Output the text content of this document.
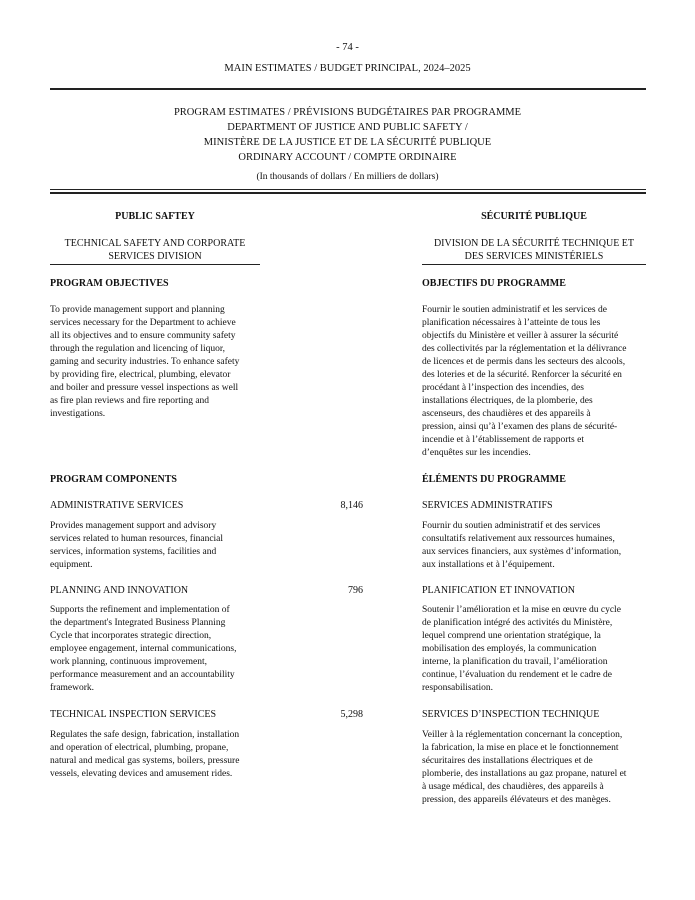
- 74 -
MAIN ESTIMATES / BUDGET PRINCIPAL, 2024–2025
PROGRAM ESTIMATES / PRÉVISIONS BUDGÉTAIRES PAR PROGRAMME
DEPARTMENT OF JUSTICE AND PUBLIC SAFETY /
MINISTÈRE DE LA JUSTICE ET DE LA SÉCURITÉ PUBLIQUE
ORDINARY ACCOUNT / COMPTE ORDINAIRE
(In thousands of dollars / En milliers de dollars)
PUBLIC SAFTEY	SÉCURITÉ PUBLIQUE
TECHNICAL SAFETY AND CORPORATE
SERVICES DIVISION
DIVISION DE LA SÉCURITÉ TECHNIQUE ET
DES SERVICES MINISTÉRIELS
PROGRAM OBJECTIVES	OBJECTIFS DU PROGRAMME
To provide management support and planning
services necessary for the Department to achieve
all its objectives and to ensure community safety
through the regulation and licencing of liquor,
gaming and security industries. To enhance safety
by providing fire, electrical, plumbing, elevator
and boiler and pressure vessel inspections as well
as fire plan reviews and fire reporting and
investigations.
Fournir le soutien administratif et les services de
planification nécessaires à l’atteinte de tous les
objectifs du Ministère et veiller à assurer la sécurité
des collectivités par la réglementation et la délivrance
de licences et de permis dans les secteurs des alcools,
des loteries et de la sécurité. Renforcer la sécurité en
procédant à l’inspection des incendies, des
installations électriques, de la plomberie, des
ascenseurs, des chaudières et des appareils à
pression, ainsi qu’à l’examen des plans de sécurité-
incendie et à l’établissement de rapports et
d’enquêtes sur les incendies.
PROGRAM COMPONENTS	ÉLÉMENTS DU PROGRAMME
ADMINISTRATIVE SERVICES	8,146	SERVICES ADMINISTRATIFS
Provides management support and advisory
services related to human resources, financial
services, information systems, facilities and
equipment.
Fournir du soutien administratif et des services
consultatifs relativement aux ressources humaines,
aux services financiers, aux systèmes d’information,
aux installations et à l’équipement.
PLANNING AND INNOVATION	796	PLANIFICATION ET INNOVATION
Supports the refinement and implementation of
the department's Integrated Business Planning
Cycle that incorporates strategic direction,
employee engagement, internal communications,
work planning, continuous improvement,
performance measurement and an accountability
framework.
Soutenir l’amélioration et la mise en œuvre du cycle
de planification intégré des activités du Ministère,
lequel comprend une orientation stratégique, la
mobilisation des employés, la communication
interne, la planification du travail, l’amélioration
continue, l’évaluation du rendement et le cadre de
responsabilisation.
TECHNICAL INSPECTION SERVICES	5,298	SERVICES D’INSPECTION TECHNIQUE
Regulates the safe design, fabrication, installation
and operation of electrical, plumbing, propane,
natural and medical gas systems, boilers, pressure
vessels, elevating devices and amusement rides.
Veiller à la réglementation concernant la conception,
la fabrication, la mise en place et le fonctionnement
sécuritaires des installations électriques et de
plomberie, des installations au gaz propane, naturel et
à usage médical, des chaudières, des appareils à
pression, des appareils élévateurs et des manèges.
